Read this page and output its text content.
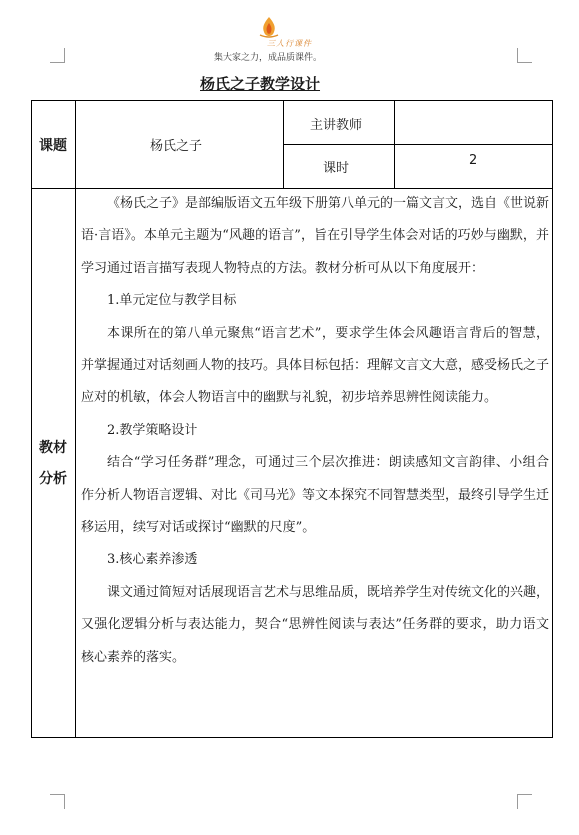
三人行课件
集大家之力，成品质课件。
杨氏之子教学设计
课题	杨氏之子
主讲教师
课时
2
教材
分析

《杨氏之子》是部编版语文五年级下册第八单元的一篇文言文，选自《世说新语·言语》。本单元主题为“风趣的语言”，旨在引导学生体会对话的巧妙与幽默，并学习通过语言描写表现人物特点的方法。教材分析可从以下角度展开：

1.单元定位与教学目标

本课所在的第八单元聚焦“语言艺术”，要求学生体会风趣语言背后的智慧，并掌握通过对话刻画人物的技巧。具体目标包括：理解文言文大意，感受杨氏之子应对的机敏，体会人物语言中的幽默与礼貌，初步培养思辨性阅读能力。

2.教学策略设计

结合“学习任务群”理念，可通过三个层次推进：朗读感知文言韵律、小组合作分析人物语言逻辑、对比《司马光》等文本探究不同智慧类型，最终引导学生迁移运用，续写对话或探讨“幽默的尺度”。

3.核心素养渗透

课文通过简短对话展现语言艺术与思维品质，既培养学生对传统文化的兴趣，又强化逻辑分析与表达能力，契合“思辨性阅读与表达”任务群的要求，助力语文核心素养的落实。
